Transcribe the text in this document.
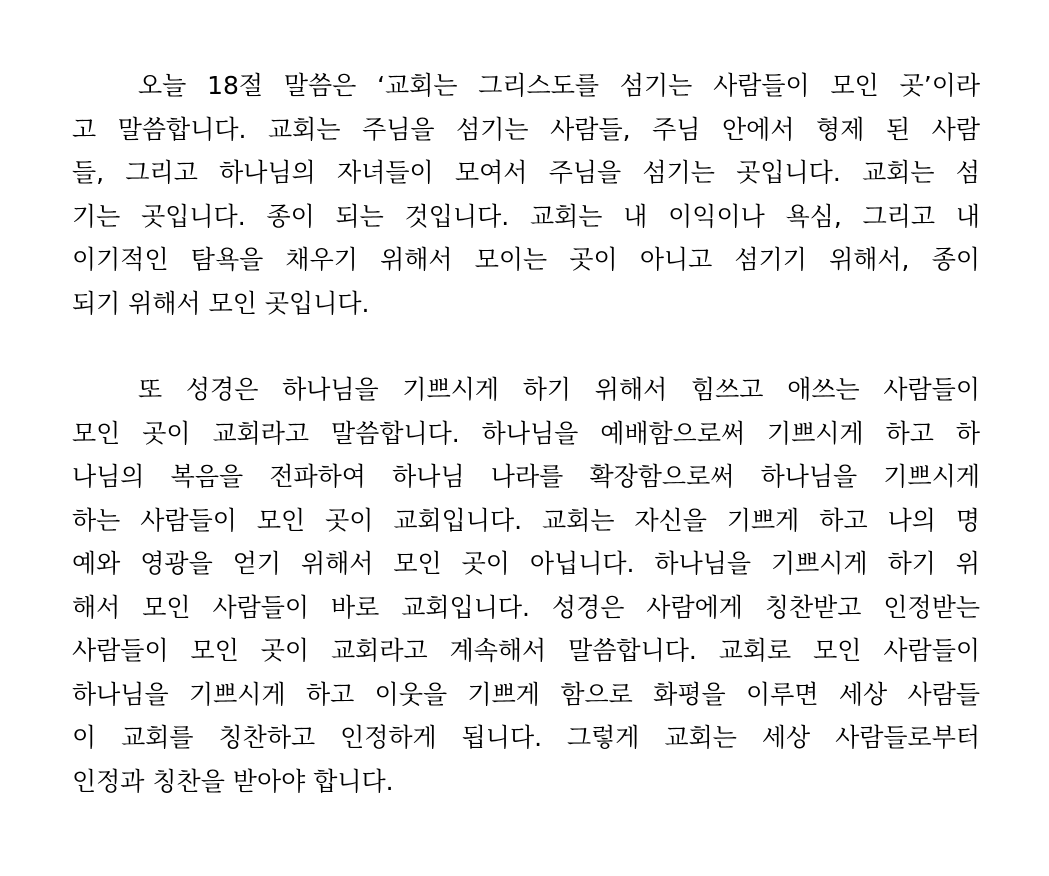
오늘 18절 말씀은 ‘교회는 그리스도를 섬기는 사람들이 모인 곳’이라
고 말씀합니다. 교회는 주님을 섬기는 사람들, 주님 안에서 형제 된 사람
들, 그리고 하나님의 자녀들이 모여서 주님을 섬기는 곳입니다. 교회는 섬
기는 곳입니다. 종이 되는 것입니다. 교회는 내 이익이나 욕심, 그리고 내
이기적인 탐욕을 채우기 위해서 모이는 곳이 아니고 섬기기 위해서, 종이
되기 위해서 모인 곳입니다.

또 성경은 하나님을 기쁘시게 하기 위해서 힘쓰고 애쓰는 사람들이
모인 곳이 교회라고 말씀합니다. 하나님을 예배함으로써 기쁘시게 하고 하
나님의 복음을 전파하여 하나님 나라를 확장함으로써 하나님을 기쁘시게
하는 사람들이 모인 곳이 교회입니다. 교회는 자신을 기쁘게 하고 나의 명
예와 영광을 얻기 위해서 모인 곳이 아닙니다. 하나님을 기쁘시게 하기 위
해서 모인 사람들이 바로 교회입니다. 성경은 사람에게 칭찬받고 인정받는
사람들이 모인 곳이 교회라고 계속해서 말씀합니다. 교회로 모인 사람들이
하나님을 기쁘시게 하고 이웃을 기쁘게 함으로 화평을 이루면 세상 사람들
이 교회를 칭찬하고 인정하게 됩니다. 그렇게 교회는 세상 사람들로부터
인정과 칭찬을 받아야 합니다.
